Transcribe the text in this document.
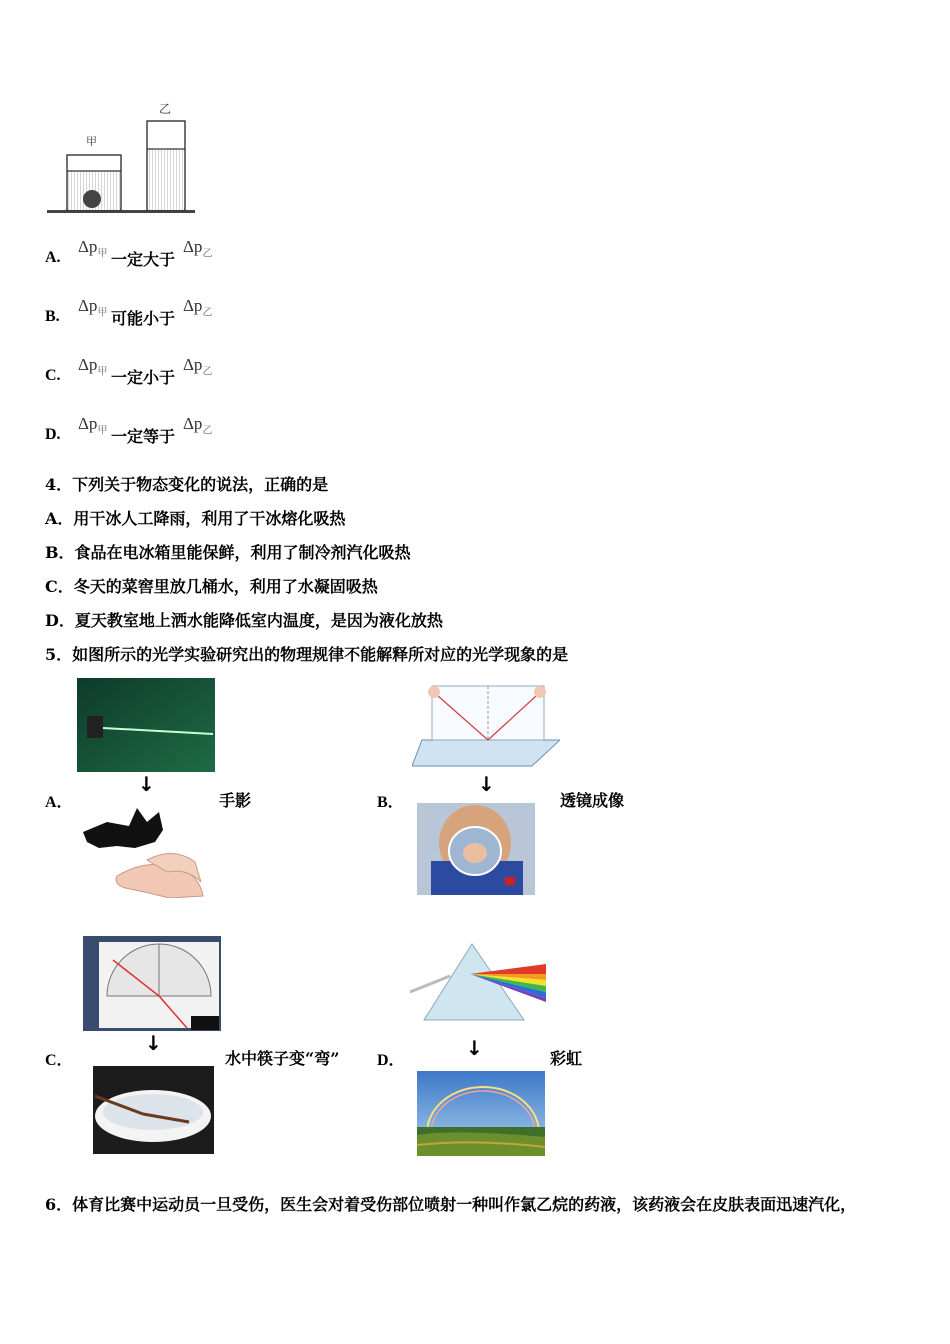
甲
乙
A.
$\Delta p_甲$ 一定大于
$\Delta p_乙$
B.
$\Delta p_甲$ 可能小于
$\Delta p_乙$
C.
$\Delta p_甲$ 一定小于
$\Delta p_乙$
D.
$\Delta p_甲$ 一定等于
$\Delta p_乙$
4．下列关于物态变化的说法，正确的是
A．用干冰人工降雨，利用了干冰熔化吸热
B．食品在电冰箱里能保鲜，利用了制冷剂汽化吸热
C．冬天的菜窖里放几桶水，利用了水凝固吸热
D．夏天教室地上洒水能降低室内温度，是因为液化放热
5．如图所示的光学实验研究出的物理规律不能解释所对应的光学现象的是
↓
A．	手影
↓
B．	透镜成像
↓
C．	水中筷子变“弯”	↓
D．	彩虹
6．体育比赛中运动员一旦受伤，医生会对着受伤部位喷射一种叫作氯乙烷的药液，该药液会在皮肤表面迅速汽化，
